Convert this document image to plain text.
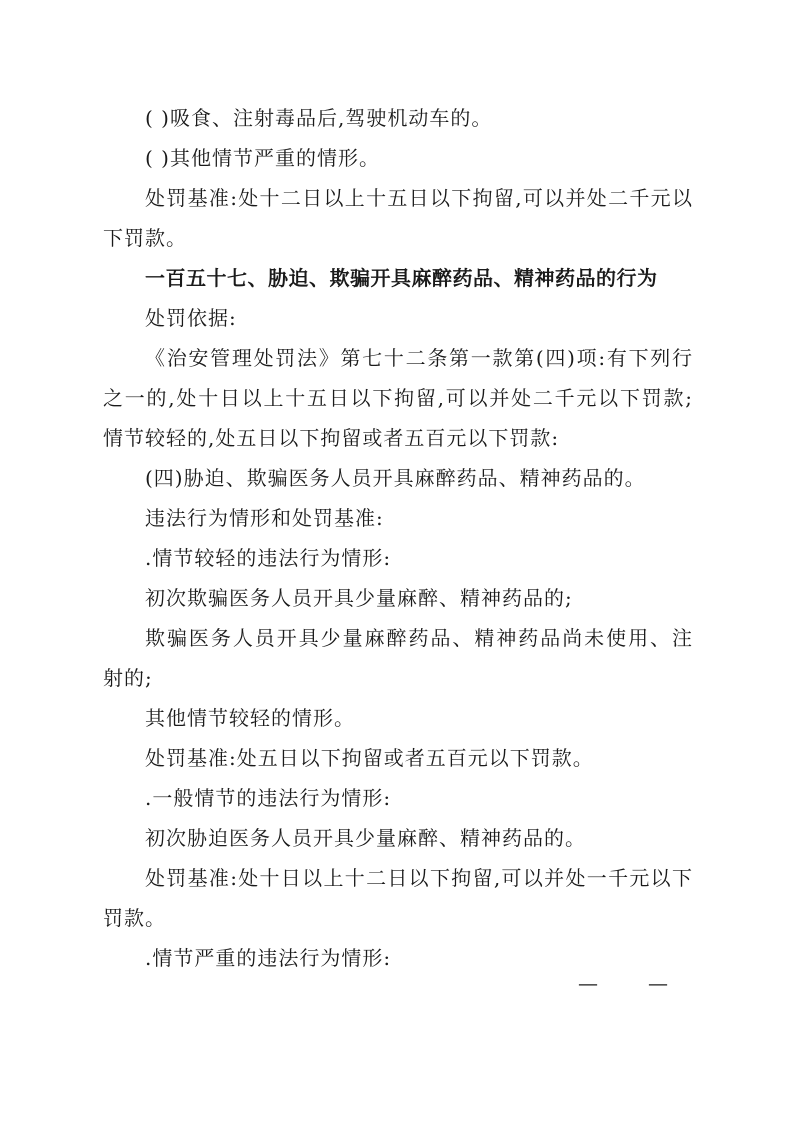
( )吸食、注射毒品后,驾驶机动车的。
( )其他情节严重的情形。
处罚基准:处十二日以上十五日以下拘留,可以并处二千元以
下罚款。
一百五十七、胁迫、欺骗开具麻醉药品、精神药品的行为
处罚依据:
《治安管理处罚法》第七十二条第一款第(四)项:有下列行
之一的,处十日以上十五日以下拘留,可以并处二千元以下罚款;
情节较轻的,处五日以下拘留或者五百元以下罚款:
(四)胁迫、欺骗医务人员开具麻醉药品、精神药品的。
违法行为情形和处罚基准:
.情节较轻的违法行为情形:
初次欺骗医务人员开具少量麻醉、精神药品的;
欺骗医务人员开具少量麻醉药品、精神药品尚未使用、注
射的;
其他情节较轻的情形。
处罚基准:处五日以下拘留或者五百元以下罚款。
.一般情节的违法行为情形:
初次胁迫医务人员开具少量麻醉、精神药品的。
处罚基准:处十日以上十二日以下拘留,可以并处一千元以下
罚款。
.情节严重的违法行为情形:
—	—
